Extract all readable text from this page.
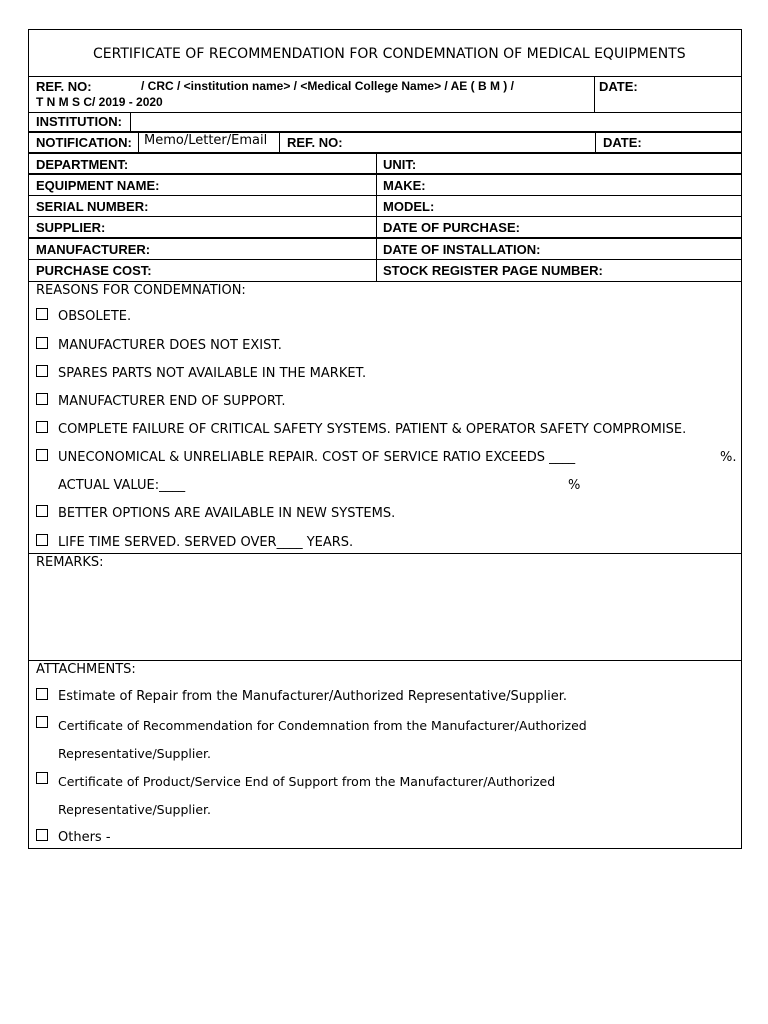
CERTIFICATE OF RECOMMENDATION FOR CONDEMNATION OF MEDICAL EQUIPMENTS
REF. NO:	/ CRC / <institution name> / <Medical College Name> / AE ( B M ) /
T N M S C/ 2019 - 2020
DATE:
INSTITUTION:
NOTIFICATION: Memo/Letter/Email REF. NO:	DATE:
DEPARTMENT:	UNIT:
EQUIPMENT NAME:	MAKE:
SERIAL NUMBER:	MODEL:
SUPPLIER:	DATE OF PURCHASE:
MANUFACTURER:	DATE OF INSTALLATION:
PURCHASE COST:	STOCK REGISTER PAGE NUMBER:
REASONS FOR CONDEMNATION:
OBSOLETE.
MANUFACTURER DOES NOT EXIST.
SPARES PARTS NOT AVAILABLE IN THE MARKET.
MANUFACTURER END OF SUPPORT.
COMPLETE FAILURE OF CRITICAL SAFETY SYSTEMS. PATIENT & OPERATOR SAFETY COMPROMISE.
UNECONOMICAL & UNRELIABLE REPAIR. COST OF SERVICE RATIO EXCEEDS ____	%.
ACTUAL VALUE:____	%
BETTER OPTIONS ARE AVAILABLE IN NEW SYSTEMS.
LIFE TIME SERVED. SERVED OVER____ YEARS.
REMARKS:
ATTACHMENTS:
Estimate of Repair from the Manufacturer/Authorized Representative/Supplier.
Certificate of Recommendation for Condemnation from the Manufacturer/Authorized
Representative/Supplier.
Certificate of Product/Service End of Support from the Manufacturer/Authorized
Representative/Supplier.
Others -
